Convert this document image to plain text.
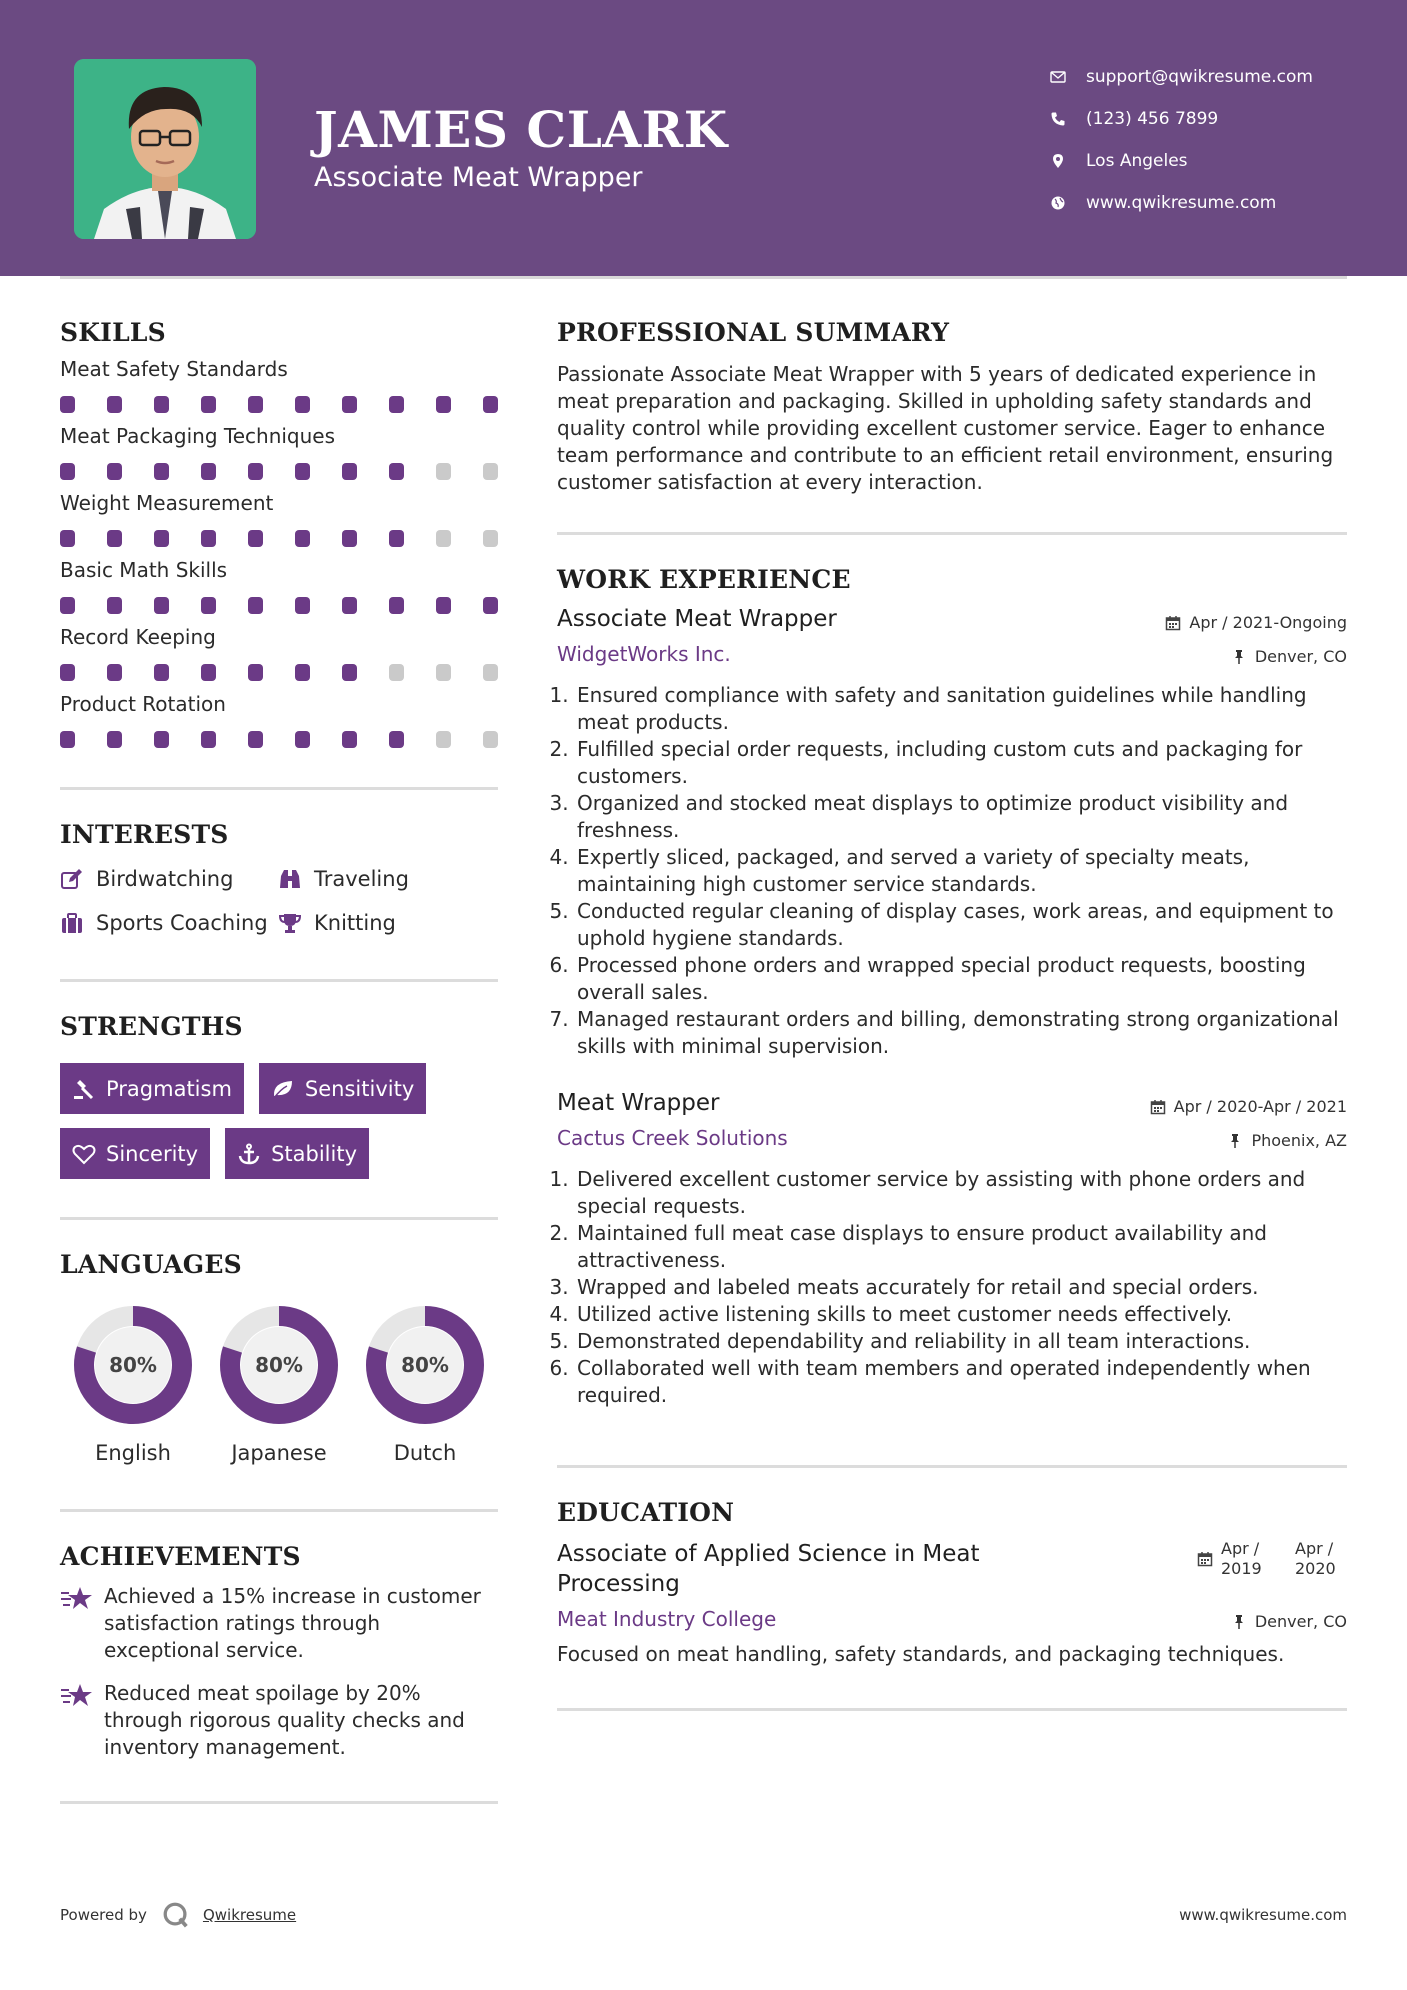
JAMES CLARK
Associate Meat Wrapper
support@qwikresume.com
(123) 456 7899
Los Angeles
www.qwikresume.com
SKILLS
Meat Safety Standards
Meat Packaging Techniques
Weight Measurement
Basic Math Skills
Record Keeping
Product Rotation
INTERESTS
Birdwatching	Traveling
Sports Coaching Knitting
STRENGTHS
Pragmatism	Sensitivity
Sincerity	Stability
LANGUAGES
80%
English
80%
Japanese
80%
Dutch
ACHIEVEMENTS
Achieved a 15% increase in customer satisfaction ratings through exceptional service.
Reduced meat spoilage by 20% through rigorous quality checks and inventory management.
PROFESSIONAL SUMMARY

Passionate Associate Meat Wrapper with 5 years of dedicated experience in meat preparation and packaging. Skilled in upholding safety standards and quality control while providing excellent customer service. Eager to enhance team performance and contribute to an efficient retail environment, ensuring customer satisfaction at every interaction.

WORK EXPERIENCE
Associate Meat Wrapper	Apr / 2021-Ongoing
WidgetWorks Inc.	Denver, CO
1. Ensured compliance with safety and sanitation guidelines while handling meat products.
2. Fulfilled special order requests, including custom cuts and packaging for customers.
3. Organized and stocked meat displays to optimize product visibility and freshness.
4. Expertly sliced, packaged, and served a variety of specialty meats, maintaining high customer service standards.
5. Conducted regular cleaning of display cases, work areas, and equipment to uphold hygiene standards.
6. Processed phone orders and wrapped special product requests, boosting overall sales.
7. Managed restaurant orders and billing, demonstrating strong organizational skills with minimal supervision.
Meat Wrapper	Apr / 2020-Apr / 2021
Cactus Creek Solutions	Phoenix, AZ
1. Delivered excellent customer service by assisting with phone orders and special requests.
2. Maintained full meat case displays to ensure product availability and attractiveness.
3. Wrapped and labeled meats accurately for retail and special orders.
4. Utilized active listening skills to meet customer needs effectively.
5. Demonstrated dependability and reliability in all team interactions.
6. Collaborated well with team members and operated independently when required.
EDUCATION
Associate of Applied Science in Meat Processing
Apr /
2019
Apr /
2020
Meat Industry College	Denver, CO

Focused on meat handling, safety standards, and packaging techniques.

Powered by	Qwikresume	www.qwikresume.com
